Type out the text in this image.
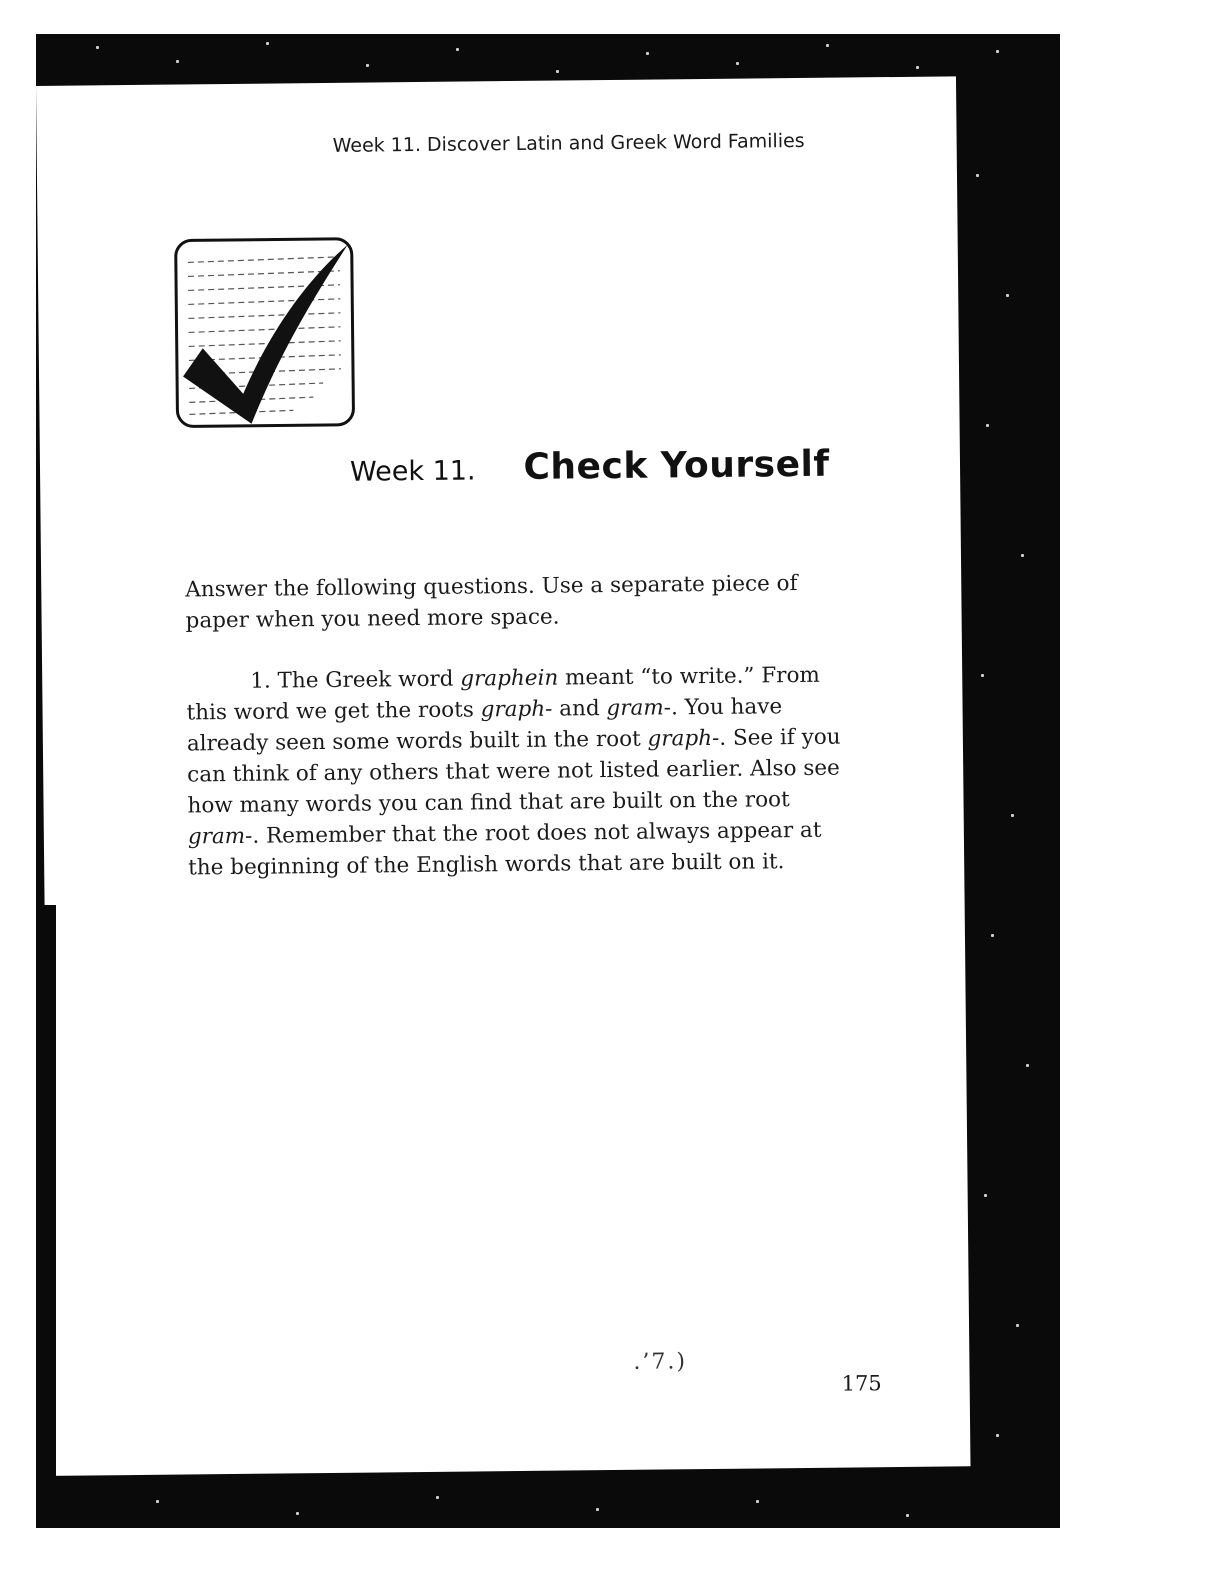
Week 11. Discover Latin and Greek Word Families
Week 11. Check Yourself

Answer the following questions. Use a separate piece of paper when you need more space.

1. The Greek word graphein meant “to write.” From this word we get the roots graph- and gram-. You have already seen some words built in the root graph-. See if you can think of any others that were not listed earlier. Also see how many words you can find that are built on the root gram-. Remember that the root does not always appear at the beginning of the English words that are built on it.

.’7.)
175
